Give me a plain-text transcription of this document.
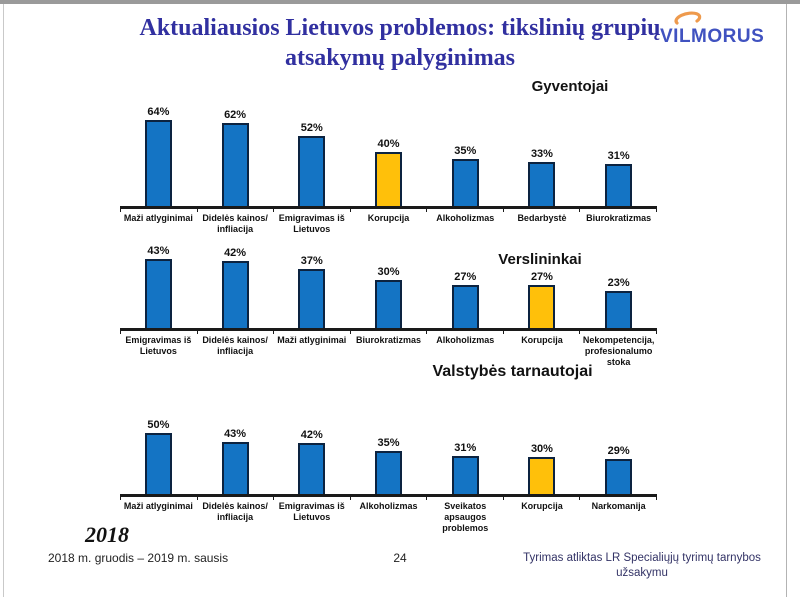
Aktualiausios Lietuvos problemos: tikslinių grupių atsakymų palyginimas
VILMORUS
Gyventojai
Verslininkai
Valstybės tarnautojai
64%	62%
52%
40%
35%	33%	31%
Maži atlyginimai	Didelės kainos/ infliacija
Emigravimas iš Lietuvos
Korupcija	Alkoholizmas	Bedarbystė	Biurokratizmas
43%	42%
37%
30%	27%	27%	23%
Emigravimas iš Lietuvos
Didelės kainos/ infliacija
Maži atlyginimai	Biurokratizmas	Alkoholizmas	Korupcija	Nekompetencija, profesionalumo stoka
50%
43%	42%
35%	31%	30%	29%
Maži atlyginimai	Didelės kainos/ infliacija
Emigravimas iš Lietuvos
Alkoholizmas	Sveikatos apsaugos problemos
Korupcija	Narkomanija
2018
2018 m. gruodis – 2019 m. sausis	24	Tyrimas atliktas LR Specialiųjų tyrimų tarnybos užsakymu
